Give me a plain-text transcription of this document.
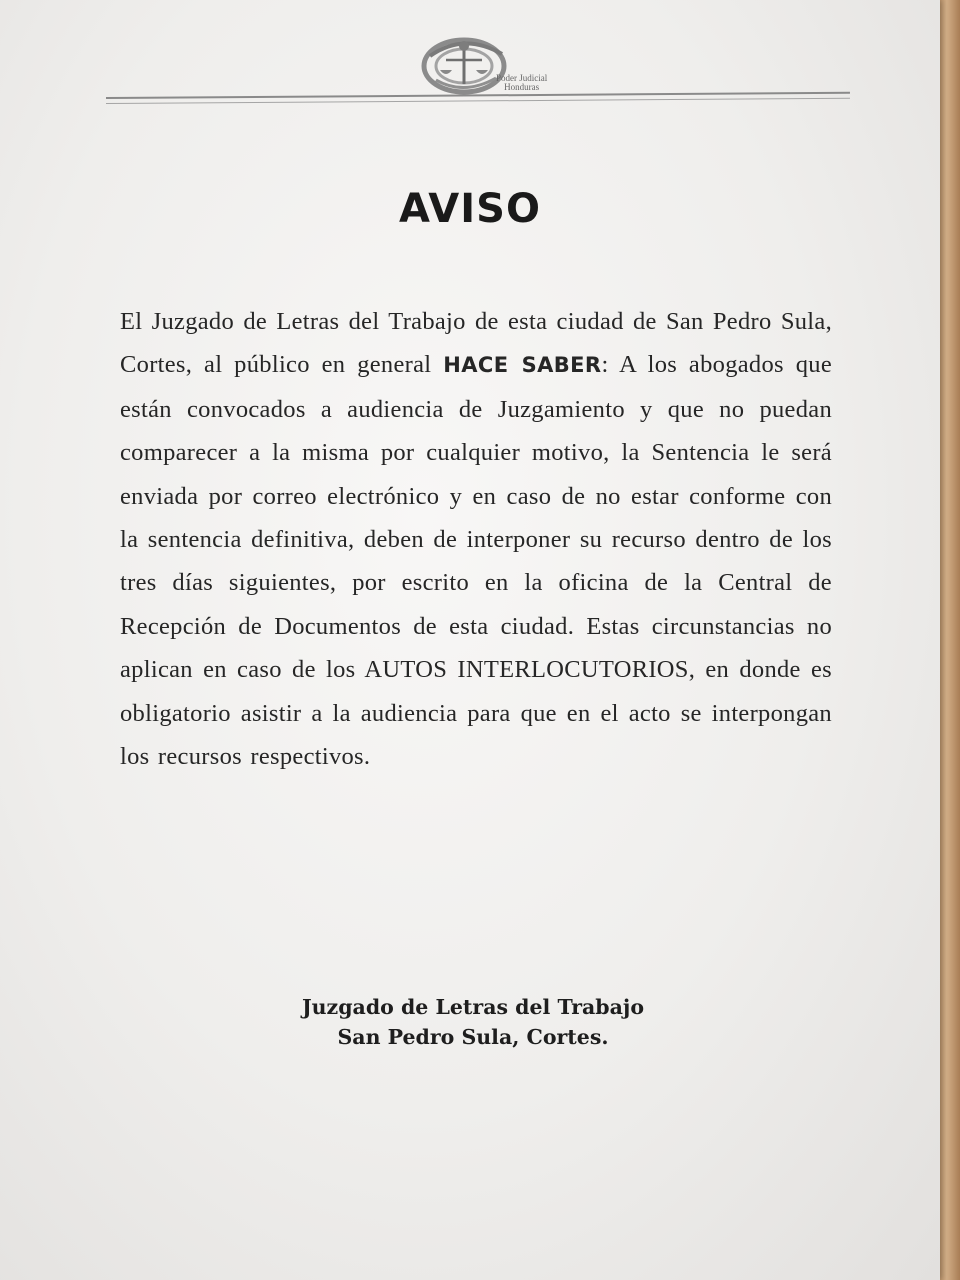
Poder Judicial
Honduras
AVISO
El Juzgado de Letras del Trabajo de esta ciudad de San Pedro Sula, Cortes, al público en general HACE SABER: A los abogados que están convocados a audiencia de Juzgamiento y que no puedan comparecer a la misma por cualquier motivo, la Sentencia le será enviada por correo electrónico y en caso de no estar conforme con la sentencia definitiva, deben de interponer su recurso dentro de los tres días siguientes, por escrito en la oficina de la Central de Recepción de Documentos de esta ciudad. Estas circunstancias no aplican en caso de los AUTOS INTERLOCUTORIOS, en donde es obligatorio asistir a la audiencia para que en el acto se interpongan los recursos respectivos.
Juzgado de Letras del Trabajo
San Pedro Sula, Cortes.
